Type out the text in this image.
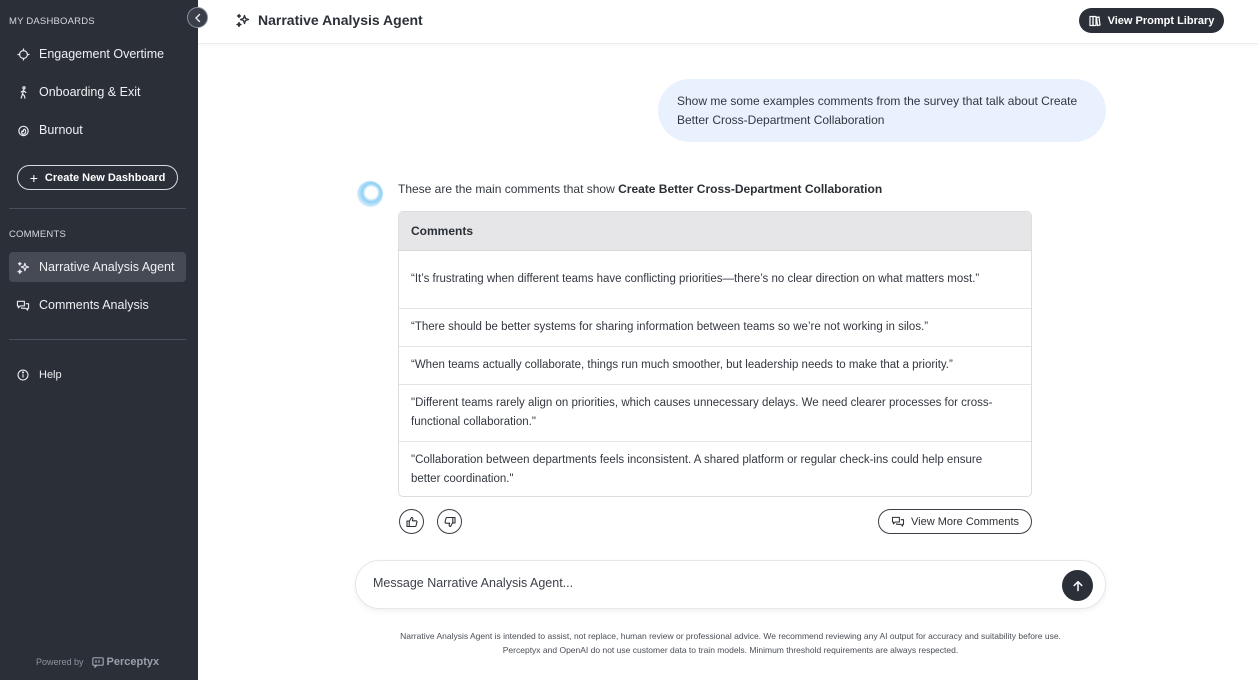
MY DASHBOARDS
Engagement Overtime
Onboarding & Exit
Burnout
+ Create New Dashboard
COMMENTS
Narrative Analysis Agent
Comments Analysis
Help
Powered by Perceptyx
Narrative Analysis Agent	View Prompt Library
Show me some examples comments from the survey that talk about Create Better Cross-Department Collaboration
These are the main comments that show Create Better Cross-Department Collaboration
Comments
“It’s frustrating when different teams have conflicting priorities—there’s no clear direction on what matters most.”
“There should be better systems for sharing information between teams so we’re not working in silos.”
“When teams actually collaborate, things run much smoother, but leadership needs to make that a priority.”
"Different teams rarely align on priorities, which causes unnecessary delays. We need clearer processes for cross-functional collaboration."
"Collaboration between departments feels inconsistent. A shared platform or regular check-ins could help ensure better coordination."
View More Comments
Message Narrative Analysis Agent...
Narrative Analysis Agent is intended to assist, not replace, human review or professional advice. We recommend reviewing any AI output for accuracy and suitability before use.
Perceptyx and OpenAI do not use customer data to train models. Minimum threshold requirements are always respected.
